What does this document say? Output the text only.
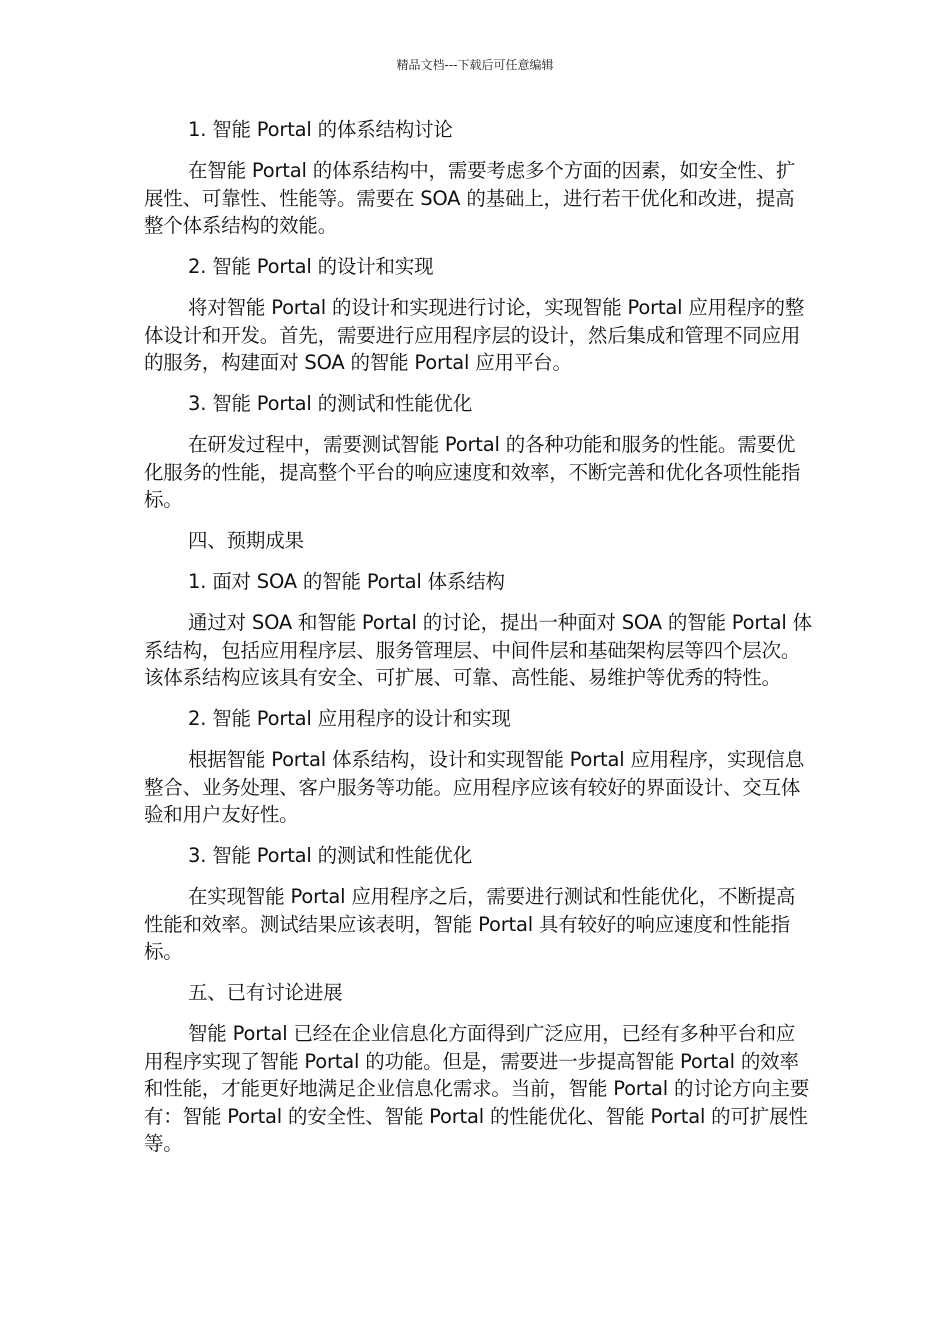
精品文档---下载后可任意编辑

1. 智能 Portal 的体系结构讨论

在智能 Portal 的体系结构中，需要考虑多个方面的因素，如安全性、扩展性、可靠性、性能等。需要在 SOA 的基础上，进行若干优化和改进，提高整个体系结构的效能。

2. 智能 Portal 的设计和实现

将对智能 Portal 的设计和实现进行讨论，实现智能 Portal 应用程序的整体设计和开发。首先，需要进行应用程序层的设计，然后集成和管理不同应用的服务，构建面对 SOA 的智能 Portal 应用平台。

3. 智能 Portal 的测试和性能优化

在研发过程中，需要测试智能 Portal 的各种功能和服务的性能。需要优化服务的性能，提高整个平台的响应速度和效率，不断完善和优化各项性能指标。

四、预期成果

1. 面对 SOA 的智能 Portal 体系结构

通过对 SOA 和智能 Portal 的讨论，提出一种面对 SOA 的智能 Portal 体系结构，包括应用程序层、服务管理层、中间件层和基础架构层等四个层次。该体系结构应该具有安全、可扩展、可靠、高性能、易维护等优秀的特性。

2. 智能 Portal 应用程序的设计和实现

根据智能 Portal 体系结构，设计和实现智能 Portal 应用程序，实现信息整合、业务处理、客户服务等功能。应用程序应该有较好的界面设计、交互体验和用户友好性。

3. 智能 Portal 的测试和性能优化

在实现智能 Portal 应用程序之后，需要进行测试和性能优化，不断提高性能和效率。测试结果应该表明，智能 Portal 具有较好的响应速度和性能指标。

五、已有讨论进展

智能 Portal 已经在企业信息化方面得到广泛应用，已经有多种平台和应用程序实现了智能 Portal 的功能。但是，需要进一步提高智能 Portal 的效率和性能，才能更好地满足企业信息化需求。当前，智能 Portal 的讨论方向主要有：智能 Portal 的安全性、智能 Portal 的性能优化、智能 Portal 的可扩展性等。
